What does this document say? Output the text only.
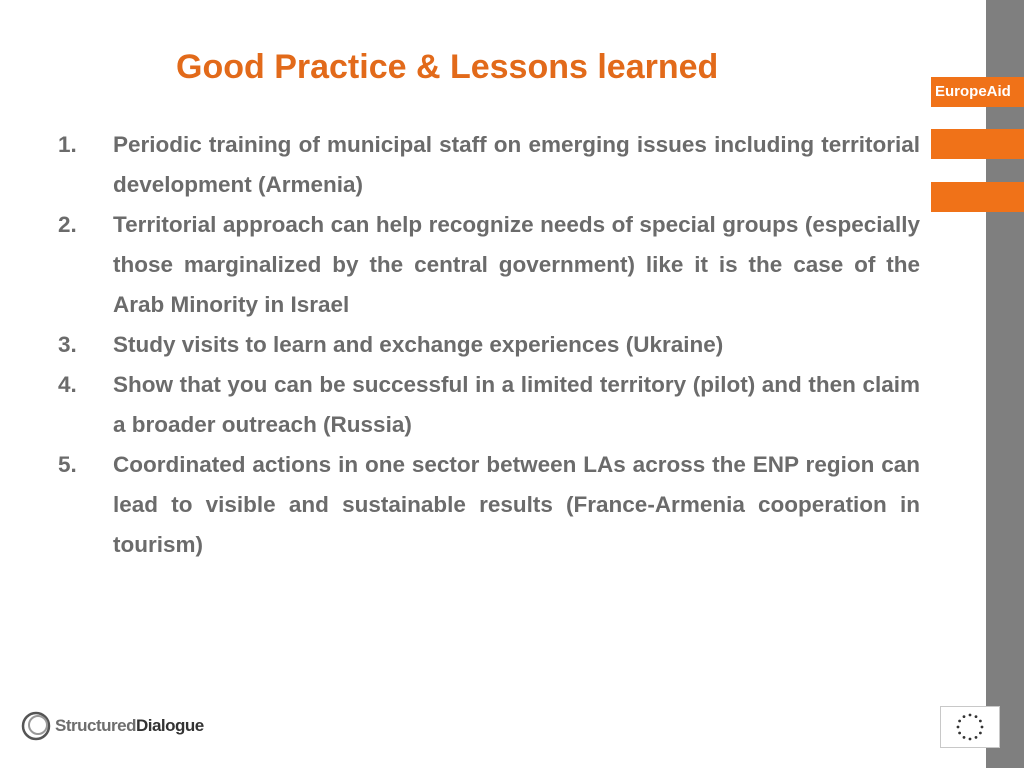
EuropeAid
Good Practice & Lessons learned
1.	Periodic training of municipal staff on emerging issues including territorial development (Armenia)
2.	Territorial approach can help recognize needs of special groups (especially those marginalized by the central government) like it is the case of the Arab Minority in Israel
3.	Study visits to learn and exchange experiences (Ukraine)
4.	Show that you can be successful in a limited territory (pilot) and then claim a broader outreach (Russia)
5.	Coordinated actions in one sector between LAs across the ENP region can lead to visible and sustainable results (France-Armenia cooperation in tourism)
StructuredDialogue
